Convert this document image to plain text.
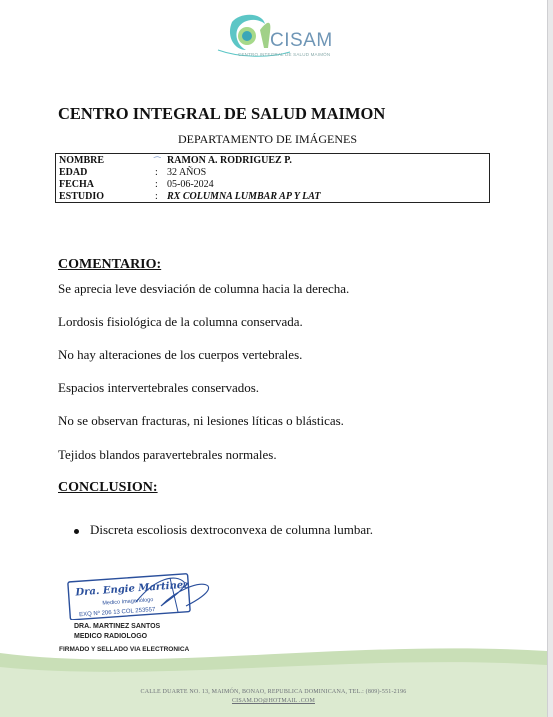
CISAM
CENTRO INTEGRAL DE SALUD MAIMÓN
CENTRO INTEGRAL DE SALUD MAIMON
DEPARTAMENTO DE IMÁGENES
NOMBRE	⁀ RAMON A. RODRIGUEZ P.
EDAD	: 32 AÑOS
FECHA	: 05-06-2024
ESTUDIO	: RX COLUMNA LUMBAR AP Y LAT
COMENTARIO:
Se aprecia leve desviación de columna hacia la derecha.
Lordosis fisiológica de la columna conservada.
No hay alteraciones de los cuerpos vertebrales.
Espacios intervertebrales conservados.
No se observan fracturas, ni lesiones líticas o blásticas.
Tejidos blandos paravertebrales normales.
CONCLUSION:
Discreta escoliosis dextroconvexa de columna lumbar.
Dra. Engie Martinez
Medico Imagenólogo
EXQ Nº 206 13 COL 253557
DRA. MARTINEZ SANTOS
MEDICO RADIOLOGO
FIRMADO Y SELLADO VIA ELECTRONICA
CALLE DUARTE NO. 13, MAIMÓN, BONAO, REPUBLICA DOMINICANA, TEL.: (809)-551-2196
CISAM.DO@HOTMAIL .COM
